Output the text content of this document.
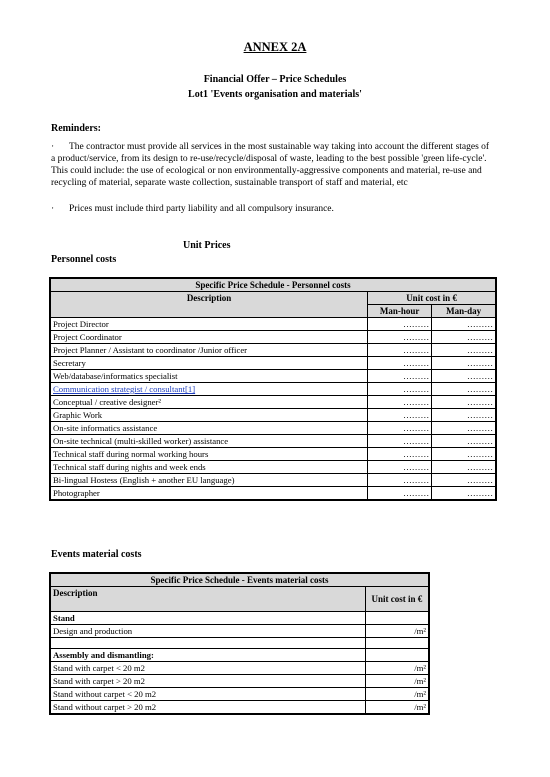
ANNEX 2A
Financial Offer – Price Schedules
Lot1 'Events organisation and materials'
Reminders:
· The contractor must provide all services in the most sustainable way taking into account the different stages of a product/service, from its design to re-use/recycle/disposal of waste, leading to the best possible 'green life-cycle'. This could include: the use of ecological or non environmentally-aggressive components and material, re-use and recycling of material, separate waste collection, sustainable transport of staff and material, etc
· Prices must include third party liability and all compulsory insurance.
Unit Prices
Personnel costs
Specific Price Schedule - Personnel costs		
Description	Unit cost in €	
	Man-hour	Man-day
Project Director	………	………
Project Coordinator	………	………
Project Planner / Assistant to coordinator /Junior officer	………	………
Secretary	………	………
Web/database/informatics specialist	………	………
Communication strategist / consultant[1]	………	………
Conceptual / creative designer²	………	………
Graphic Work	………	………
On-site informatics assistance	………	………
On-site technical (multi-skilled worker) assistance	………	………
Technical staff during normal working hours	………	………
Technical staff during nights and week ends	………	………
Bi-lingual Hostess (English + another EU language)	………	………
Photographer	………	………
Events material costs
Specific Price Schedule - Events material costs	
Description	Unit cost in €
Stand	
Design and production	/m²

Assembly and dismantling:	
Stand with carpet < 20 m2	/m²
Stand with carpet > 20 m2	/m²
Stand without carpet < 20 m2	/m²
Stand without carpet > 20 m2	/m²
